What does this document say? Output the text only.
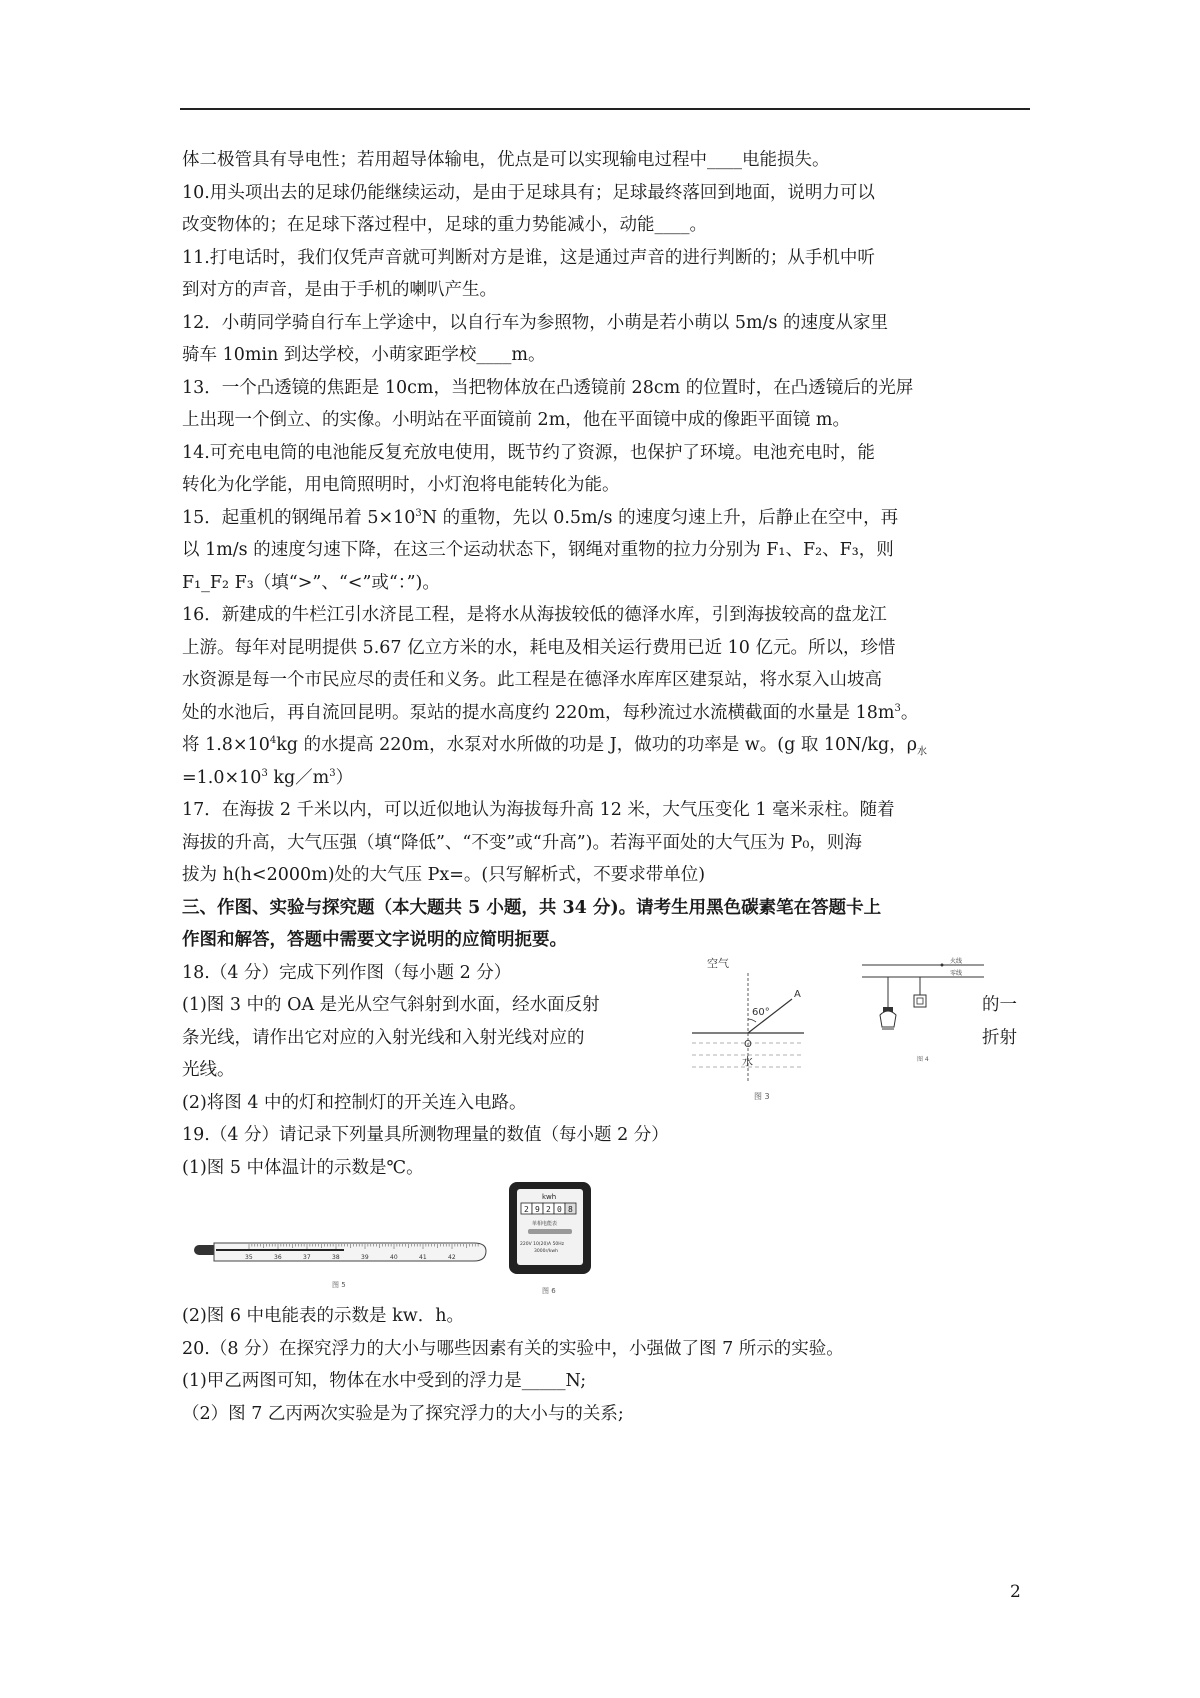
体二极管具有导电性；若用超导体输电，优点是可以实现输电过程中____电能损失。
10.用头项出去的足球仍能继续运动，是由于足球具有；足球最终落回到地面，说明力可以
改变物体的；在足球下落过程中，足球的重力势能减小，动能____。
11.打电话时，我们仅凭声音就可判断对方是谁，这是通过声音的进行判断的；从手机中听
到对方的声音，是由于手机的喇叭产生。
12．小萌同学骑自行车上学途中，以自行车为参照物，小萌是若小萌以 5m/s 的速度从家里
骑车 10min 到达学校，小萌家距学校____m。
13．一个凸透镜的焦距是 10cm，当把物体放在凸透镜前 28cm 的位置时，在凸透镜后的光屏
上出现一个倒立、的实像。小明站在平面镜前 2m，他在平面镜中成的像距平面镜 m。
14.可充电电筒的电池能反复充放电使用，既节约了资源，也保护了环境。电池充电时，能
转化为化学能，用电筒照明时，小灯泡将电能转化为能。
15．起重机的钢绳吊着 $5\times 10^3N$ 的重物，先以 0.5m/s 的速度匀速上升，后静止在空中，再
以 1m/s 的速度匀速下降，在这三个运动状态下，钢绳对重物的拉力分别为 F₁、F₂、F₃，则
F₁_F₂ F₃（填“>”、“<”或“：”)。
16．新建成的牛栏江引水济昆工程，是将水从海拔较低的德泽水库，引到海拔较高的盘龙江
上游。每年对昆明提供 5.67 亿立方米的水，耗电及相关运行费用已近 10 亿元。所以，珍惜
水资源是每一个市民应尽的责任和义务。此工程是在德泽水库库区建泵站，将水泵入山坡高
处的水池后，再自流回昆明。泵站的提水高度约 220m，每秒流过水流横截面的水量是 $18m^3$。
将 $1.8\times 10^4kg$ 的水提高 220m，水泵对水所做的功是 J，做功的功率是 w。(g 取 10N/kg，$\rho_水$
$=1.0\times 10^3$ $kg/m^3$）
17．在海拔 2 千米以内，可以近似地认为海拔每升高 12 米，大气压变化 1 毫米汞柱。随着
海拔的升高，大气压强（填“降低”、“不变”或“升高”)。若海平面处的大气压为 P₀，则海
拔为 h(h<2000m)处的大气压 Px=。(只写解析式，不要求带单位)
三、作图、实验与探究题（本大题共 5 小题，共 34 分)。请考生用黑色碳素笔在答题卡上
作图和解答，答题中需要文字说明的应简明扼要。
18.（4 分）完成下列作图（每小题 2 分）
(1)图 3 中的 OA 是光从空气斜射到水面，经水面反射	的一
条光线，请作出它对应的入射光线和入射光线对应的	折射
光线。
空气
60°
A
O
水
图 3
火线
零线
图 4
(2)将图 4 中的灯和控制灯的开关连入电路。
19.（4 分）请记录下列量具所测物理量的数值（每小题 2 分）
(1)图 5 中体温计的示数是℃。
35	36	37	38	39	40	41	42
图 5
kwh
2 9 2 0 8
单相电能表
220V 10(20)A 50Hz
3000r/kwh
图 6
(2)图 6 中电能表的示数是 kw．h。
20.（8 分）在探究浮力的大小与哪些因素有关的实验中，小强做了图 7 所示的实验。
(1)甲乙两图可知，物体在水中受到的浮力是_____N;
（2）图 7 乙丙两次实验是为了探究浮力的大小与的关系;
2
